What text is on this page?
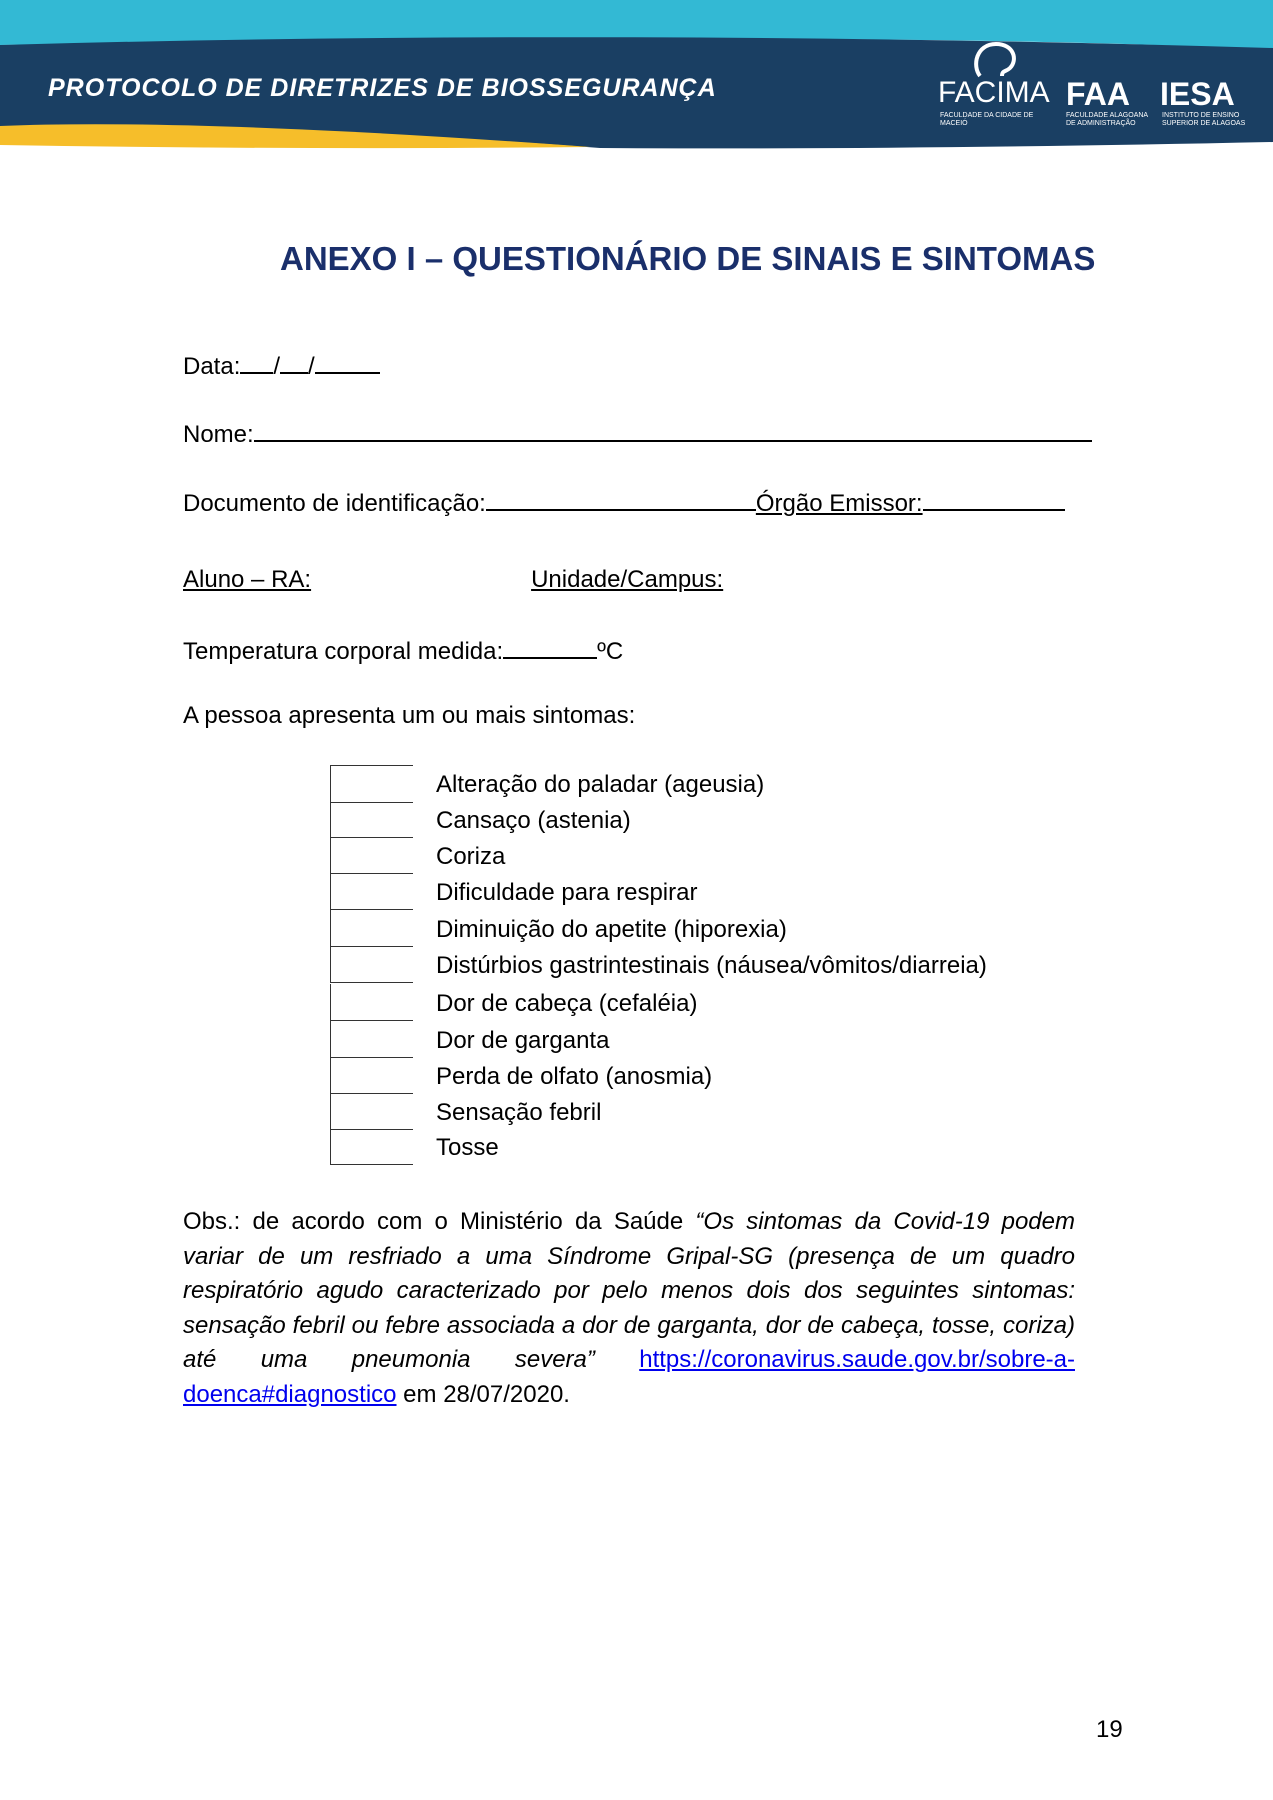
PROTOCOLO DE DIRETRIZES DE BIOSSEGURANÇA	FACIMA
FACULDADE DA CIDADE DE MACEIÓ
FAA
FACULDADE ALAGOANA DE ADMINISTRAÇÃO
IESA
INSTITUTO DE ENSINO SUPERIOR DE ALAGOAS
ANEXO I – QUESTIONÁRIO DE SINAIS E SINTOMAS
Data: / /
Nome:
Documento de identificação:	Órgão Emissor:
Aluno – RA:	Unidade/Campus:
Temperatura corporal medida:	ºC
A pessoa apresenta um ou mais sintomas:
Alteração do paladar (ageusia)
Cansaço (astenia)
Coriza
Dificuldade para respirar
Diminuição do apetite (hiporexia)
Distúrbios gastrintestinais (náusea/vômitos/diarreia)
Dor de cabeça (cefaléia)
Dor de garganta
Perda de olfato (anosmia)
Sensação febril
Tosse
Obs.: de acordo com o Ministério da Saúde “Os sintomas da Covid-19 podem variar de um resfriado a uma Síndrome Gripal-SG (presença de um quadro respiratório agudo caracterizado por pelo menos dois dos seguintes sintomas: sensação febril ou febre associada a dor de garganta, dor de cabeça, tosse, coriza) até uma pneumonia severa” https://coronavirus.saude.gov.br/sobre-a-doenca#diagnostico em 28/07/2020.
19
